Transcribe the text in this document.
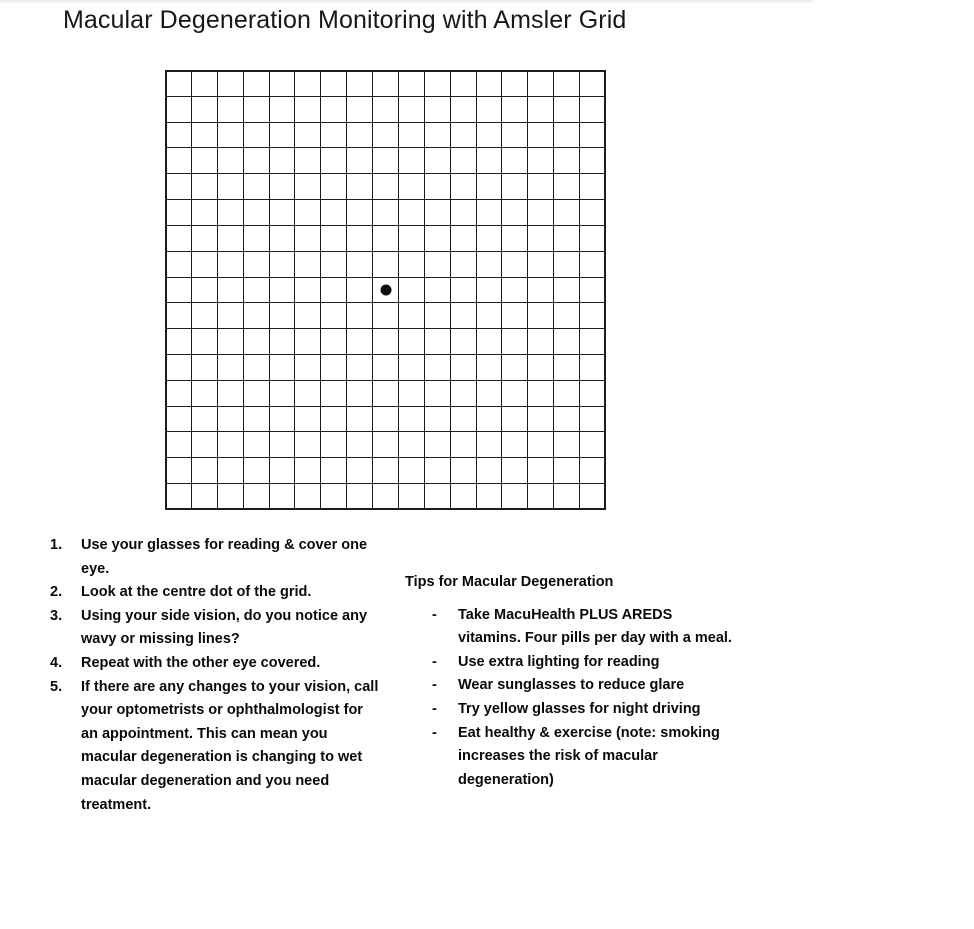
Macular Degeneration Monitoring with Amsler Grid

1.	Use your glasses for reading & cover one eye.
2.	Look at the centre dot of the grid.
3.	Using your side vision, do you notice any wavy or missing lines?
4.	Repeat with the other eye covered.
5.	If there are any changes to your vision, call your optometrists or ophthalmologist for an appointment. This can mean you macular degeneration is changing to wet macular degeneration and you need treatment.
Tips for Macular Degeneration
-	Take MacuHealth PLUS AREDS vitamins. Four pills per day with a meal.
-	Use extra lighting for reading
-	Wear sunglasses to reduce glare
-	Try yellow glasses for night driving
-	Eat healthy & exercise (note: smoking increases the risk of macular degeneration)
